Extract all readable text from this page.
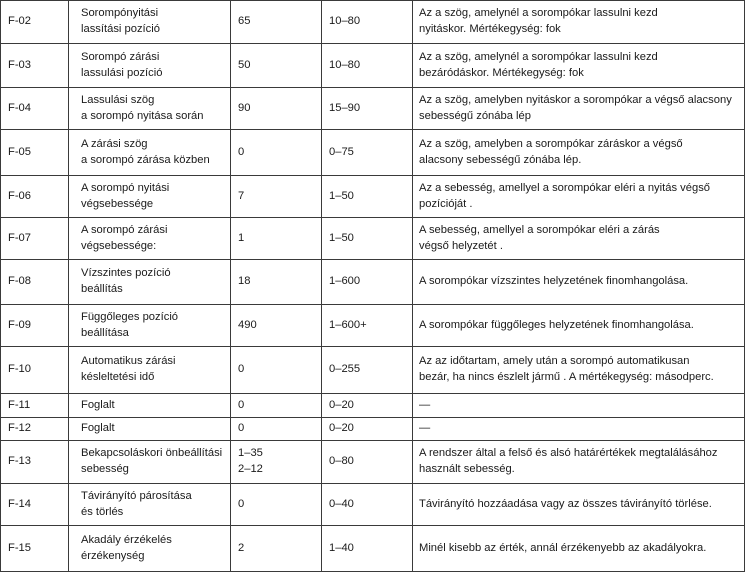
F-02	Sorompónyitási
lassítási pozíció	65	10–80	Az a szög, amelynél a sorompókar lassulni kezd
nyitáskor. Mértékegység: fok

F-03	Sorompó zárási
lassulási pozíció	50	10–80	Az a szög, amelynél a sorompókar lassulni kezd
bezáródáskor. Mértékegység: fok

F-04	Lassulási szög
a sorompó nyitása során	90	15–90	Az a szög, amelyben nyitáskor a sorompókar a végső alacsony
sebességű zónába lép

F-05	A zárási szög
a sorompó zárása közben	0	0–75	Az a szög, amelyben a sorompókar záráskor a végső
alacsony sebességű zónába lép.

F-06	A sorompó nyitási
végsebessége	7	1–50	Az a sebesség, amellyel a sorompókar eléri a nyitás végső
pozícióját .

F-07	A sorompó zárási
végsebessége:	1	1–50	A sebesség, amellyel a sorompókar eléri a zárás
végső helyzetét .

F-08	Vízszintes pozíció
beállítás	18	1–600	A sorompókar vízszintes helyzetének finomhangolása.

F-09	Függőleges pozíció
beállítása	490	1–600+	A sorompókar függőleges helyzetének finomhangolása.

F-10	Automatikus zárási
késleltetési idő	0	0–255	Az az időtartam, amely után a sorompó automatikusan
bezár, ha nincs észlelt jármű . A mértékegység: másodperc.

F-11	Foglalt	0	0–20	—

F-12	Foglalt	0	0–20	—

F-13	Bekapcsoláskori önbeállítási
sebesség	1–35
2–12	0–80	A rendszer által a felső és alsó határértékek megtalálásához
használt sebesség.

F-14	Távirányító párosítása
és törlés	0	0–40	Távirányító hozzáadása vagy az összes távirányító törlése.

F-15	Akadály érzékelés
érzékenység	2	1–40	Minél kisebb az érték, annál érzékenyebb az akadályokra.
